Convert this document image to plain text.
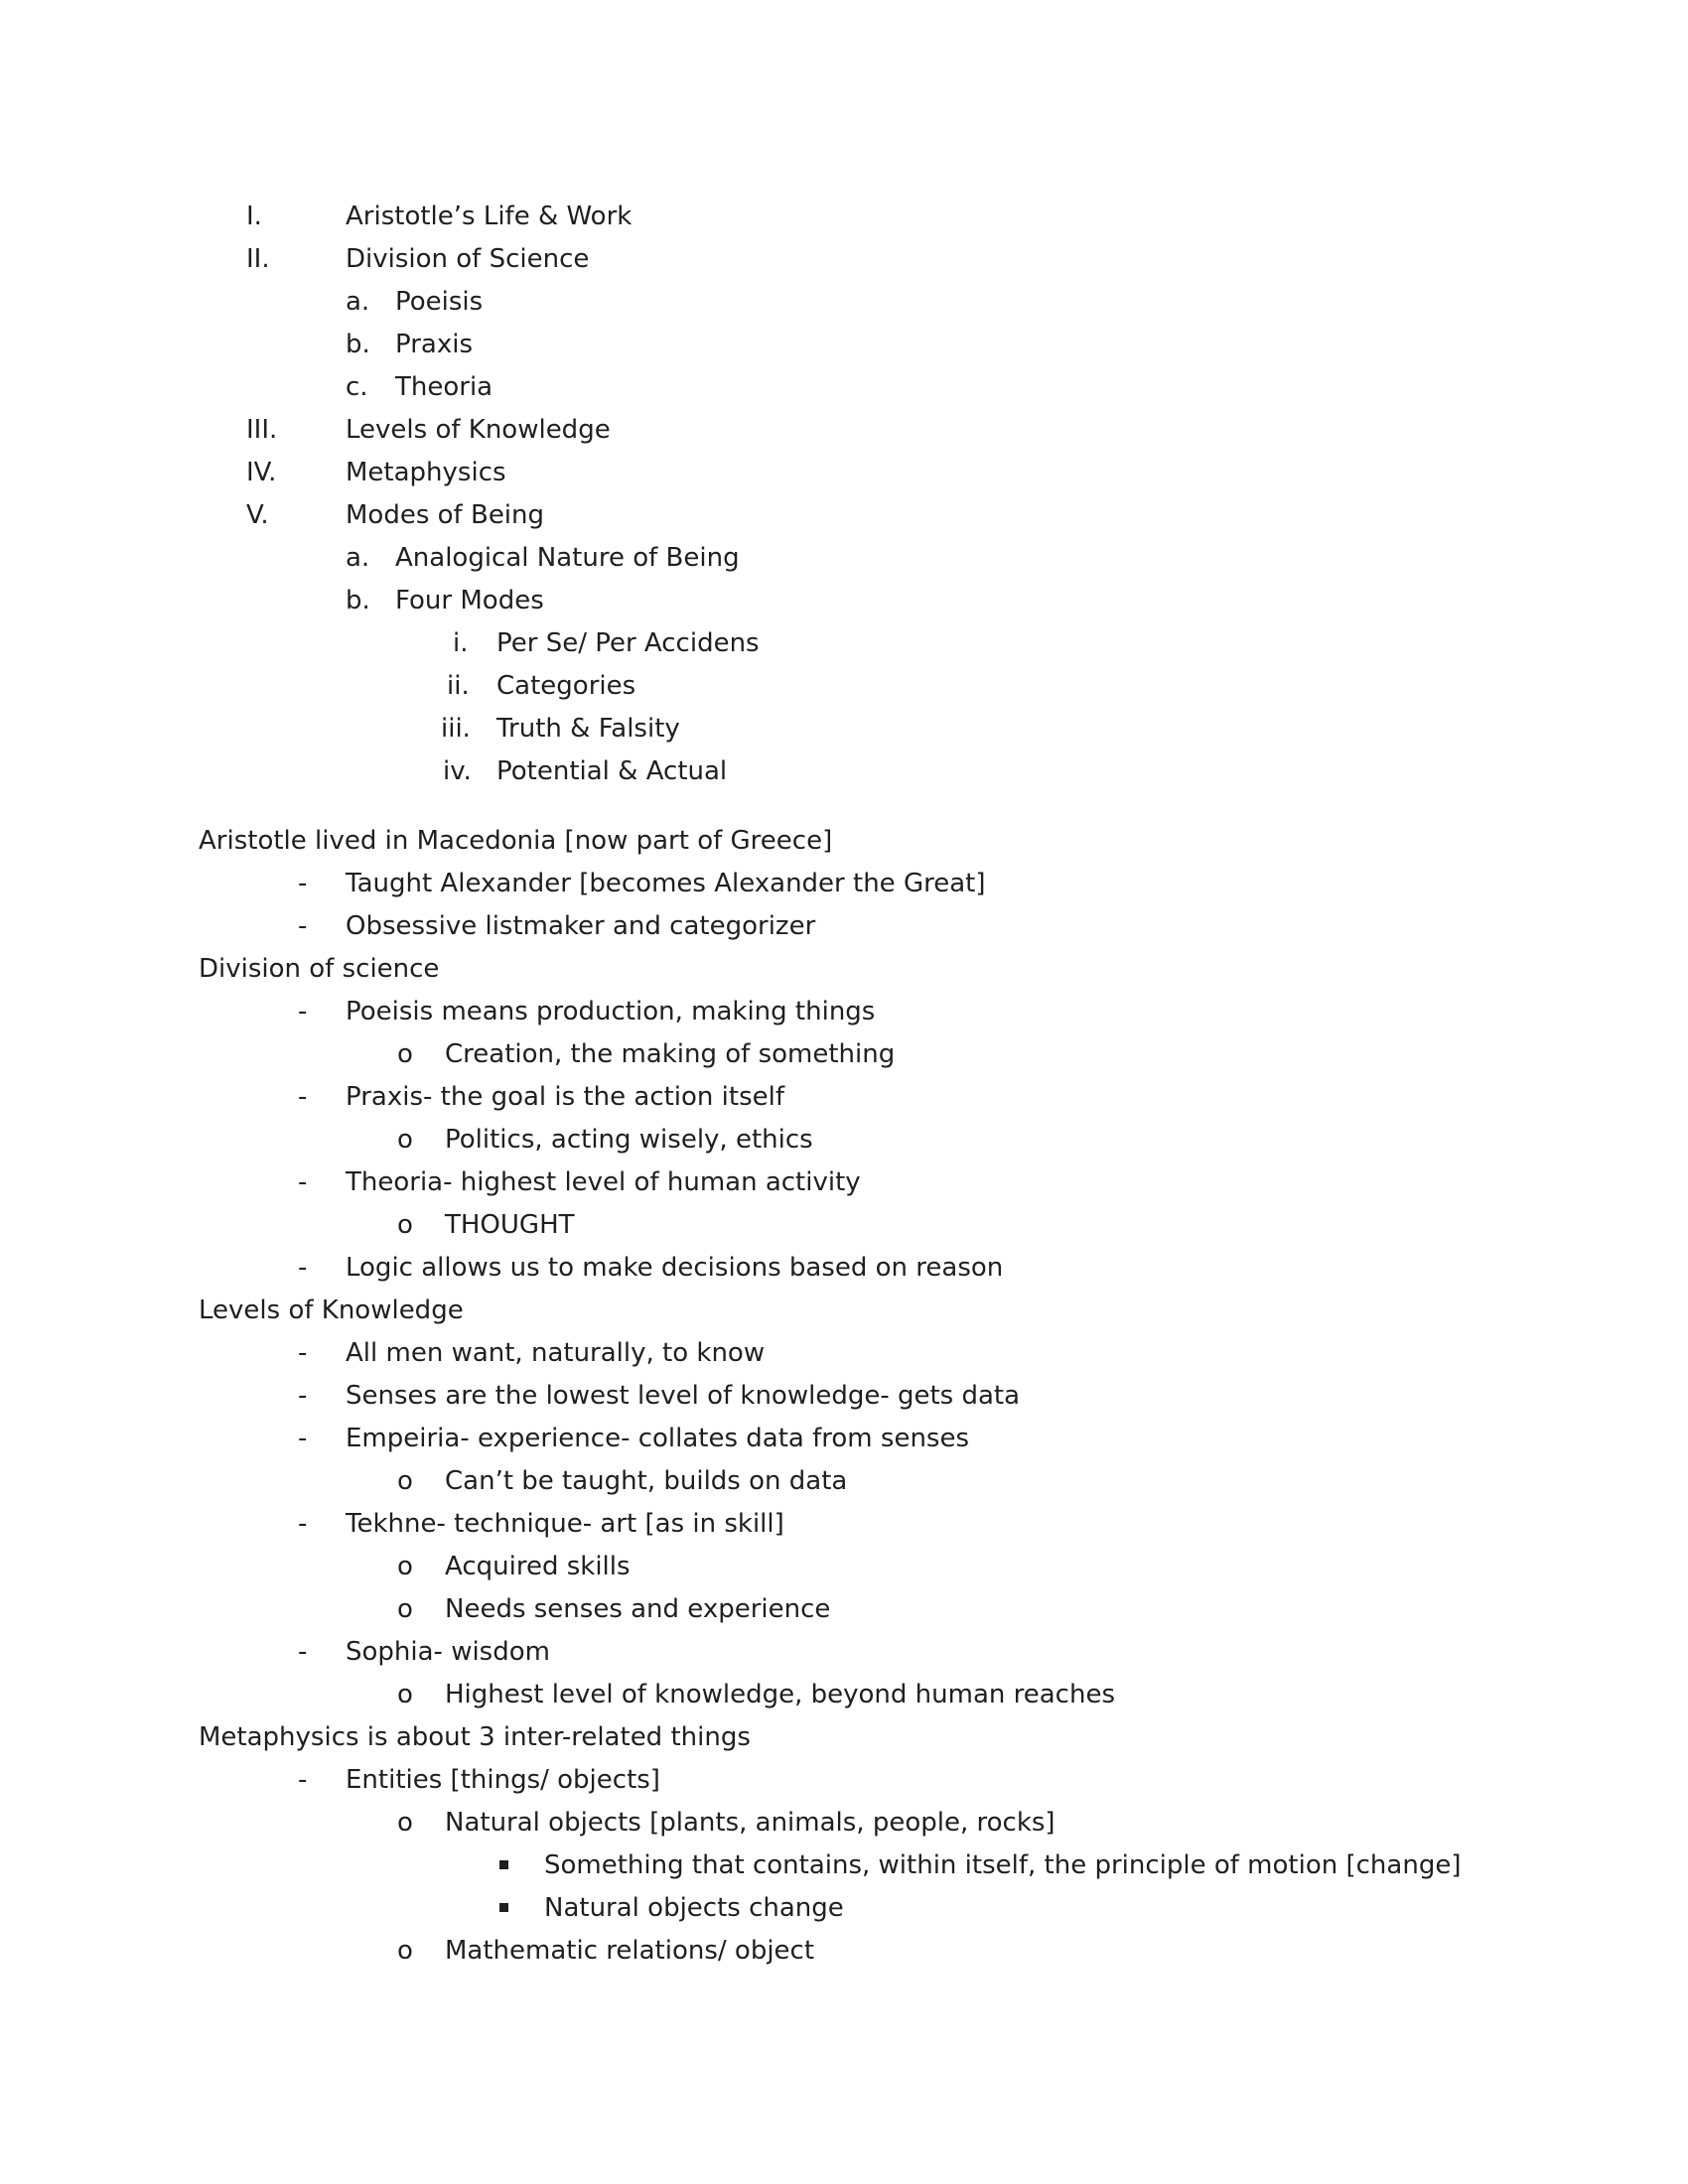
I.	Aristotle’s Life & Work
II.	Division of Science
a. Poeisis
b. Praxis
c. Theoria
III.	Levels of Knowledge
IV.	Metaphysics
V.	Modes of Being
a. Analogical Nature of Being
b. Four Modes
i. Per Se/ Per Accidens
ii. Categories
iii. Truth & Falsity
iv. Potential & Actual
Aristotle lived in Macedonia [now part of Greece]
- Taught Alexander [becomes Alexander the Great]
- Obsessive listmaker and categorizer
Division of science
- Poeisis means production, making things
o Creation, the making of something
- Praxis- the goal is the action itself
o Politics, acting wisely, ethics
- Theoria- highest level of human activity
o THOUGHT
- Logic allows us to make decisions based on reason
Levels of Knowledge
- All men want, naturally, to know
- Senses are the lowest level of knowledge- gets data
- Empeiria- experience- collates data from senses
o Can’t be taught, builds on data
- Tekhne- technique- art [as in skill]
o Acquired skills
o Needs senses and experience
- Sophia- wisdom
o Highest level of knowledge, beyond human reaches
Metaphysics is about 3 inter-related things
- Entities [things/ objects]
o Natural objects [plants, animals, people, rocks]
Something that contains, within itself, the principle of motion [change]
Natural objects change
o Mathematic relations/ object
